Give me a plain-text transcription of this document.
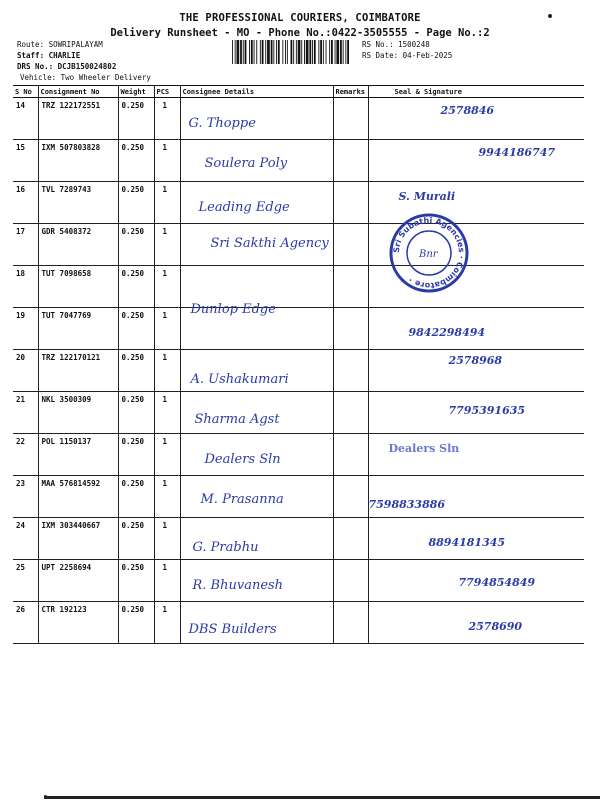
THE PROFESSIONAL COURIERS, COIMBATORE
Delivery Runsheet - MO - Phone No.:0422-3505555 - Page No.:2
Route: SOWRIPALAYAM
Staff: CHARLIE
DRS No.: DCJB150024802
Vehicle: Two Wheeler Delivery
RS No.: 1500248
RS Date: 04-Feb-2025
S No	Consignment No	Weight	PCS	Consignee Details	Remarks	Seal & Signature
14	TRZ 122172551	0.250	1	G. Thoppe		2578846

15	IXM 507803828	0.250	1	Soulera Poly		9944186747

16	TVL 7289743	0.250	1	Leading Edge		S. Murali

17	GDR 5408372	0.250	1	Sri Sakthi Agency		

18	TUT 7098658	0.250	1			
19	TUT 7047769	0.250	1	Dunlop Edge		9842298494

20	TRZ 122170121	0.250	1	A. Ushakumari		2578968

21	NKL 3500309	0.250	1	Sharma Agst		7795391635

22	POL 1150137	0.250	1	Dealers Sln		Dealers Sln

23	MAA 576814592	0.250	1	M. Prasanna		7598833886

24	IXM 303440667	0.250	1	G. Prabhu		8894181345

25	UPT 2258694	0.250	1	R. Bhuvanesh		7794854849

26	CTR 192123	0.250	1	DBS Builders		2578690
Sri Subathi Agencies · Coimbatore ·
Bnr
